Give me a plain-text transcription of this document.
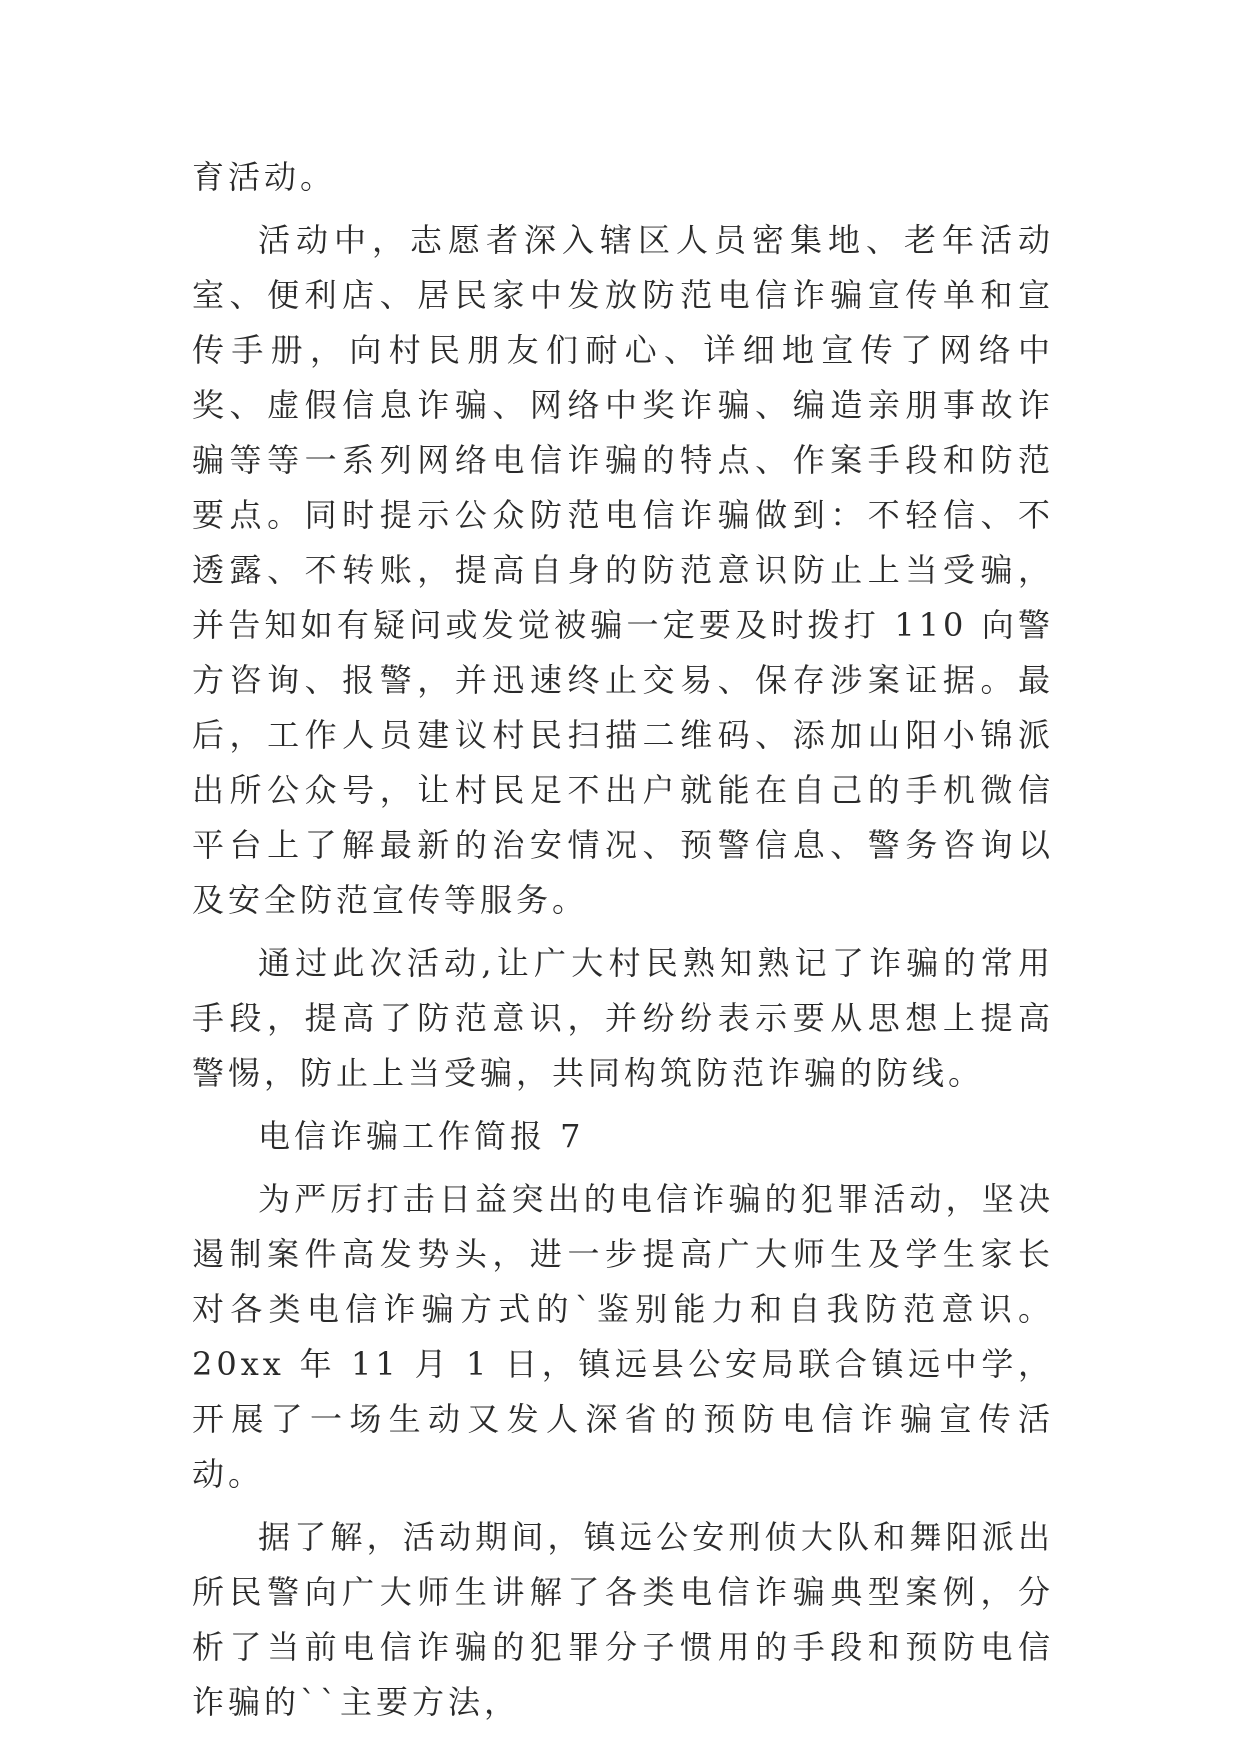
育活动。

活动中，志愿者深入辖区人员密集地、老年活动室、便利店、居民家中发放防范电信诈骗宣传单和宣传手册，向村民朋友们耐心、详细地宣传了网络中奖、虚假信息诈骗、网络中奖诈骗、编造亲朋事故诈骗等等一系列网络电信诈骗的特点、作案手段和防范要点。同时提示公众防范电信诈骗做到：不轻信、不透露、不转账，提高自身的防范意识防止上当受骗，并告知如有疑问或发觉被骗一定要及时拨打 110 向警方咨询、报警，并迅速终止交易、保存涉案证据。最后，工作人员建议村民扫描二维码、添加山阳小锦派出所公众号，让村民足不出户就能在自己的手机微信平台上了解最新的治安情况、预警信息、警务咨询以及安全防范宣传等服务。

通过此次活动,让广大村民熟知熟记了诈骗的常用手段，提高了防范意识，并纷纷表示要从思想上提高警惕，防止上当受骗，共同构筑防范诈骗的防线。

电信诈骗工作简报 7

为严厉打击日益突出的电信诈骗的犯罪活动，坚决遏制案件高发势头，进一步提高广大师生及学生家长对各类电信诈骗方式的`鉴别能力和自我防范意识。20xx 年 11 月 1 日，镇远县公安局联合镇远中学，开展了一场生动又发人深省的预防电信诈骗宣传活动。

据了解，活动期间，镇远公安刑侦大队和舞阳派出所民警向广大师生讲解了各类电信诈骗典型案例，分析了当前电信诈骗的犯罪分子惯用的手段和预防电信诈骗的``主要方法，
